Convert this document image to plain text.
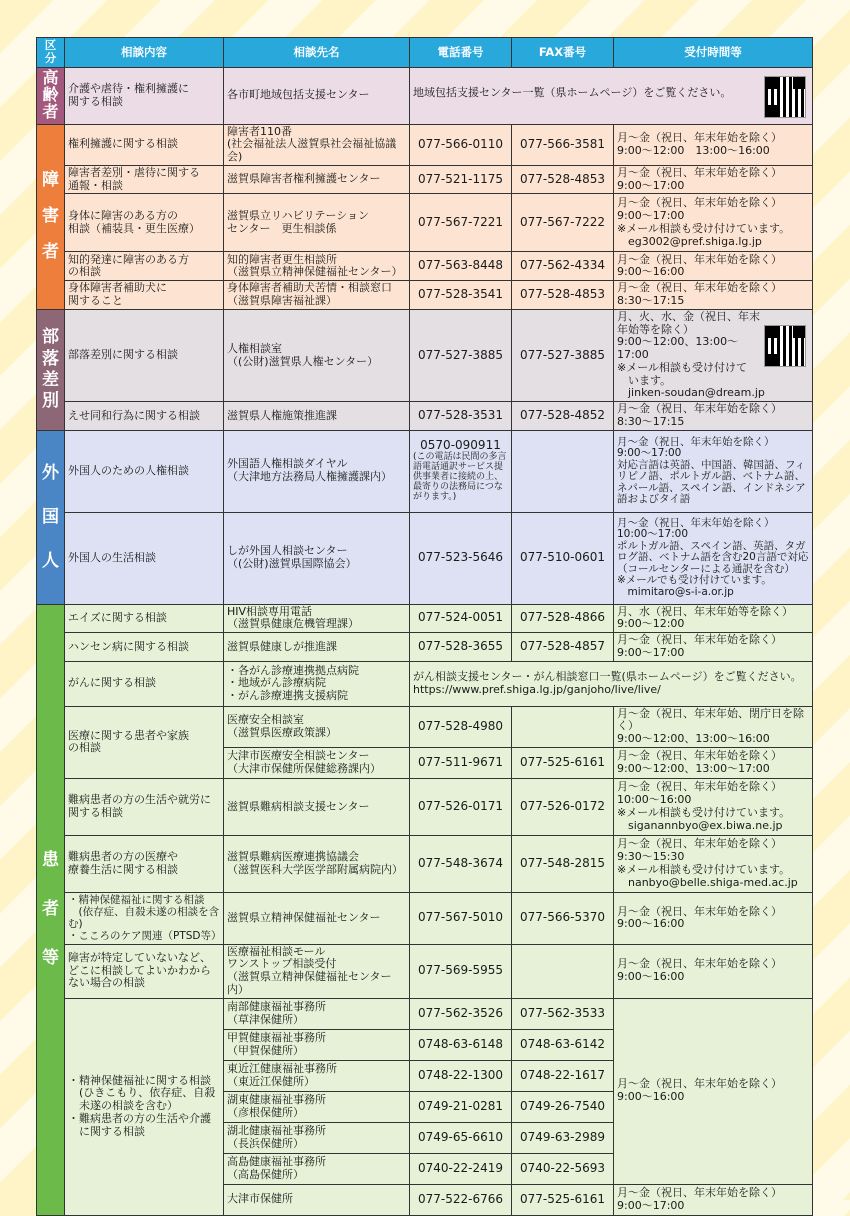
区分	相談内容	相談先名	電話番号	FAX番号	受付時間等

高
齢
者	介護や虐待・権利擁護に
関する相談	各市町地域包括支援センター	地域包括支援センター一覧（県ホームページ）をご覧ください。		

障
害
者	権利擁護に関する相談	障害者110番
(社会福祉法人滋賀県社会福祉協議会)	077-566-0110	077-566-3581	月～金（祝日、年末年始を除く）
9:00～12:00　13:00～16:00
	障害者差別・虐待に関する
通報・相談	滋賀県障害者権利擁護センター	077-521-1175	077-528-4853	月～金（祝日、年末年始を除く）
9:00～17:00
	身体に障害のある方の
相談（補装具・更生医療）	滋賀県立リハビリテーション
センター　更生相談係	077-567-7221	077-567-7222	月～金（祝日、年末年始を除く）
9:00～17:00
※メール相談も受け付けています。
　eg3002@pref.shiga.lg.jp
	知的発達に障害のある方
の相談	知的障害者更生相談所
（滋賀県立精神保健福祉センター）	077-563-8448	077-562-4334	月～金（祝日、年末年始を除く）
9:00～16:00
	身体障害者補助犬に
関すること	身体障害者補助犬苦情・相談窓口
（滋賀県障害福祉課）	077-528-3541	077-528-4853	月～金（祝日、年末年始を除く）
8:30～17:15

部
落
差
別	部落差別に関する相談	人権相談室
（(公財)滋賀県人権センター）	077-527-3885	077-527-3885	月、火、水、金（祝日、年末年始等を除く）
9:00～12:00、13:00～17:00
※メール相談も受け付けて
　います。
　jinken-soudan@dream.jp
	えせ同和行為に関する相談	滋賀県人権施策推進課	077-528-3531	077-528-4852	月～金（祝日、年末年始を除く）
8:30～17:15

外
国
人	外国人のための人権相談	外国語人権相談ダイヤル
（大津地方法務局人権擁護課内）	0570-090911
(この電話は民間の多言語電話通訳サービス提供事業者に接続の上、最寄りの法務局につながります。)		月～金（祝日、年末年始を除く）
9:00～17:00
対応言語は英語、中国語、韓国語、フィリピノ語、ポルトガル語、ベトナム語、ネパール語、スペイン語、インドネシア語およびタイ語
	外国人の生活相談	しが外国人相談センター
（(公財)滋賀県国際協会）	077-523-5646	077-510-0601	月～金（祝日、年末年始を除く）
10:00～17:00
ポルトガル語、スペイン語、英語、タガログ語、ベトナム語を含む20言語で対応（コールセンターによる通訳を含む）
※メールでも受け付けています。
　mimitaro@s-i-a.or.jp

患
者
等	エイズに関する相談	HIV相談専用電話
（滋賀県健康危機管理課）	077-524-0051	077-528-4866	月、水（祝日、年末年始等を除く）
9:00～12:00
	ハンセン病に関する相談	滋賀県健康しが推進課	077-528-3655	077-528-4857	月～金（祝日、年末年始を除く）
9:00～17:00
	がんに関する相談	・各がん診療連携拠点病院
・地域がん診療病院
・がん診療連携支援病院	がん相談支援センター・がん相談窓口一覧(県ホームページ）をご覧ください。
https://www.pref.shiga.lg.jp/ganjoho/live/live/		
	医療に関する患者や家族
の相談	医療安全相談室
（滋賀県医療政策課）	077-528-4980		月～金（祝日、年末年始、閉庁日を除く）
9:00～12:00、13:00～16:00
		大津市医療安全相談センター
（大津市保健所保健総務課内）	077-511-9671	077-525-6161	月～金（祝日、年末年始を除く）
9:00～12:00、13:00～17:00
	難病患者の方の生活や就労に
関する相談	滋賀県難病相談支援センター	077-526-0171	077-526-0172	月～金（祝日、年末年始を除く）
10:00～16:00
※メール相談も受け付けています。
　siganannbyo@ex.biwa.ne.jp
	難病患者の方の医療や
療養生活に関する相談	滋賀県難病医療連携協議会
（滋賀医科大学医学部附属病院内）	077-548-3674	077-548-2815	月～金（祝日、年末年始を除く）
9:30～15:30
※メール相談も受け付けています。
　nanbyo@belle.shiga-med.ac.jp
	・精神保健福祉に関する相談
　(依存症、自殺未遂の相談を含む)
・こころのケア関連（PTSD等）	滋賀県立精神保健福祉センター	077-567-5010	077-566-5370	月～金（祝日、年末年始を除く）
9:00～16:00
	障害が特定していないなど、
どこに相談してよいかわから
ない場合の相談	医療福祉相談モール
ワンストップ相談受付
（滋賀県立精神保健福祉センター内）	077-569-5955		月～金（祝日、年末年始を除く）
9:00～16:00
	・精神保健福祉に関する相談
　(ひきこもり、依存症、自殺
　未遂の相談を含む）
・難病患者の方の生活や介護
　に関する相談	南部健康福祉事務所
（草津保健所）	077-562-3526	077-562-3533	月～金（祝日、年末年始を除く）
9:00～16:00
		甲賀健康福祉事務所
（甲賀保健所）	0748-63-6148	0748-63-6142	
		東近江健康福祉事務所
（東近江保健所）	0748-22-1300	0748-22-1617	
		湖東健康福祉事務所
（彦根保健所）	0749-21-0281	0749-26-7540	
		湖北健康福祉事務所
（長浜保健所）	0749-65-6610	0749-63-2989	
		高島健康福祉事務所
（高島保健所）	0740-22-2419	0740-22-5693	
		大津市保健所	077-522-6766	077-525-6161	月～金（祝日、年末年始を除く）
9:00～17:00
